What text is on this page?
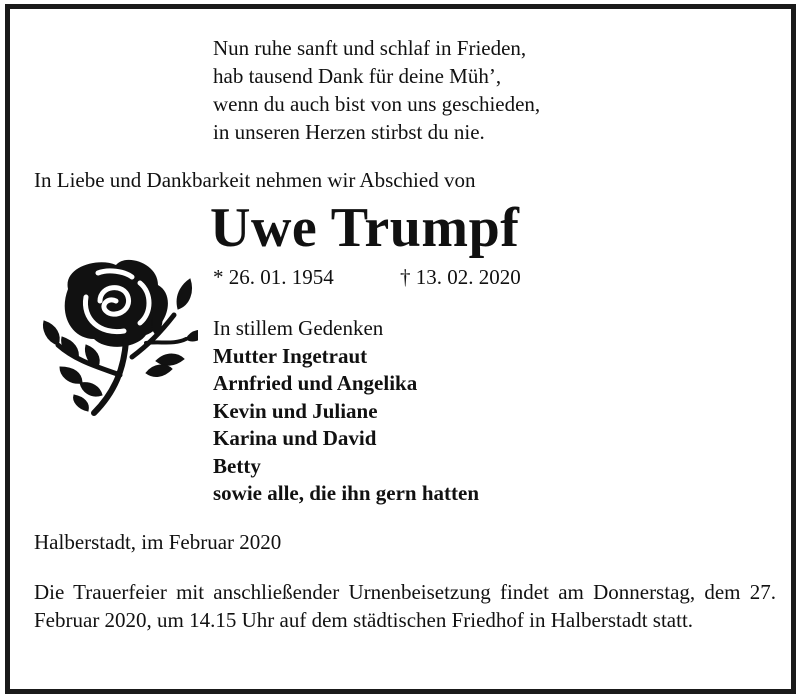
Nun ruhe sanft und schlaf in Frieden,
hab tausend Dank für deine Müh’,
wenn du auch bist von uns geschieden,
in unseren Herzen stirbst du nie.
In Liebe und Dankbarkeit nehmen wir Abschied von
Uwe Trumpf
* 26. 01. 1954	† 13. 02. 2020
In stillem Gedenken
Mutter Ingetraut
Arnfried und Angelika
Kevin und Juliane
Karina und David
Betty
sowie alle, die ihn gern hatten
Halberstadt, im Februar 2020
Die Trauerfeier mit anschließender Urnenbeisetzung findet am Donnerstag, dem 27. Februar 2020, um 14.15 Uhr auf dem städtischen Friedhof in Halberstadt statt.
